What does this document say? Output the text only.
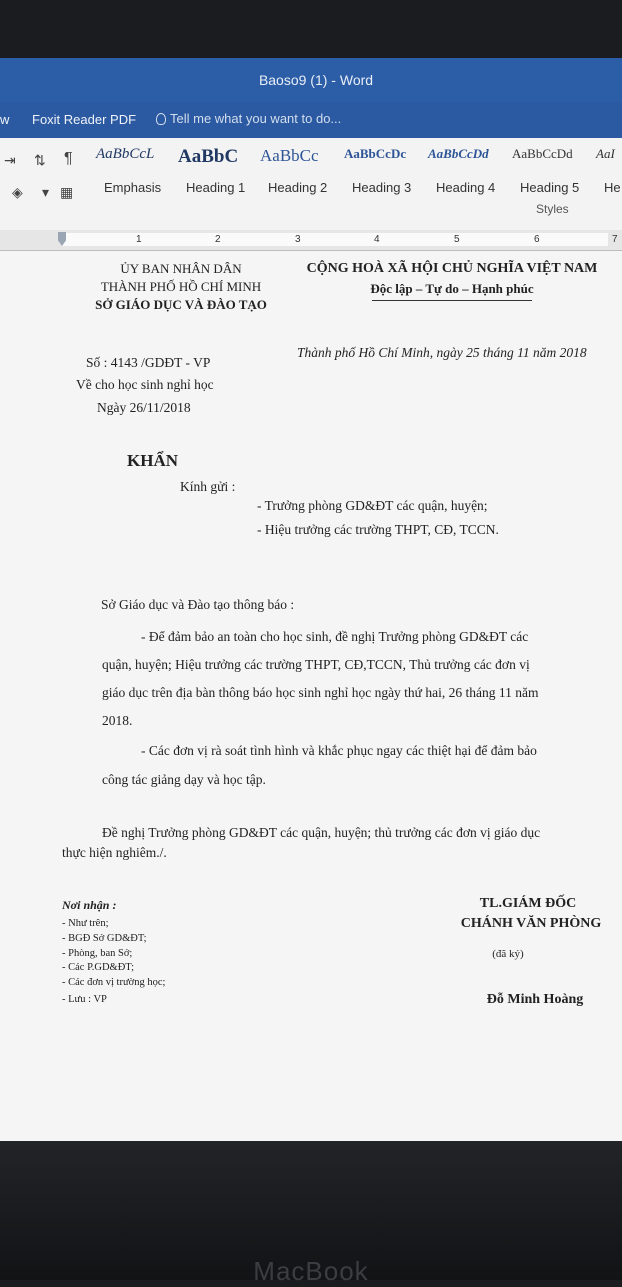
Baoso9 (1) - Word
w Foxit Reader PDF	Tell me what you want to do...
⇥ ⇅ ¶
◈ ▾ ▦
AaBbCcL
Emphasis
AaBbC
Heading 1
AaBbCc
Heading 2
AaBbCcDc
Heading 3
AaBbCcDd
Heading 4
AaBbCcDd
Heading 5
AaI
He
Styles
1	2	3	4	5	6	7
ỦY BAN NHÂN DÂN
THÀNH PHỐ HỒ CHÍ MINH
SỞ GIÁO DỤC VÀ ĐÀO TẠO
CỘNG HOÀ XÃ HỘI CHỦ NGHĨA VIỆT NAM
Độc lập – Tự do – Hạnh phúc
Số : 4143 /GDĐT - VP
Về cho học sinh nghỉ học
Ngày 26/11/2018
Thành phố Hồ Chí Minh, ngày 25 tháng 11 năm 2018
KHẨN
Kính gửi :
- Trưởng phòng GD&ĐT các quận, huyện;
- Hiệu trưởng các trường THPT, CĐ, TCCN.
Sở Giáo dục và Đào tạo thông báo :
- Để đảm bảo an toàn cho học sinh, đề nghị Trưởng phòng GD&ĐT các
quận, huyện; Hiệu trưởng các trường THPT, CĐ,TCCN, Thủ trưởng các đơn vị
giáo dục trên địa bàn thông báo học sinh nghỉ học ngày thứ hai, 26 tháng 11 năm
2018.
- Các đơn vị rà soát tình hình và khắc phục ngay các thiệt hại để đảm bảo
công tác giảng dạy và học tập.
Đề nghị Trưởng phòng GD&ĐT các quận, huyện; thủ trưởng các đơn vị giáo dục
thực hiện nghiêm./.
Nơi nhận :
- Như trên;
- BGĐ Sở GD&ĐT;
- Phòng, ban Sở;
- Các P.GD&ĐT;
- Các đơn vị trường học;
- Lưu : VP
TL.GIÁM ĐỐC
CHÁNH VĂN PHÒNG
(đã ký)
Đỗ Minh Hoàng
MacBook
